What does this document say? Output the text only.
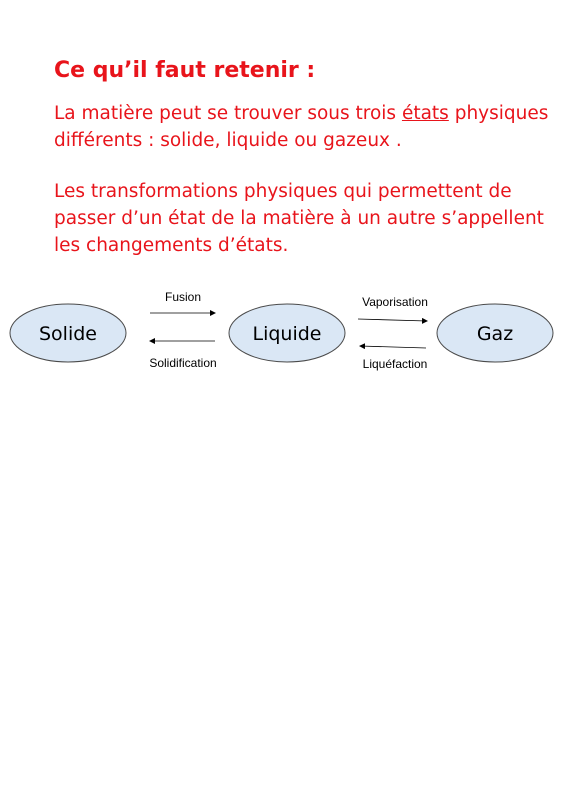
Ce qu’il faut retenir :

La matière peut se trouver sous trois états physiques différents : solide, liquide ou gazeux .

Les transformations physiques qui permettent de passer d’un état de la matière à un autre s’appellent les changements d’états.

Solide	Liquide	Gaz
Fusion
Solidification
Vaporisation
Liquéfaction
